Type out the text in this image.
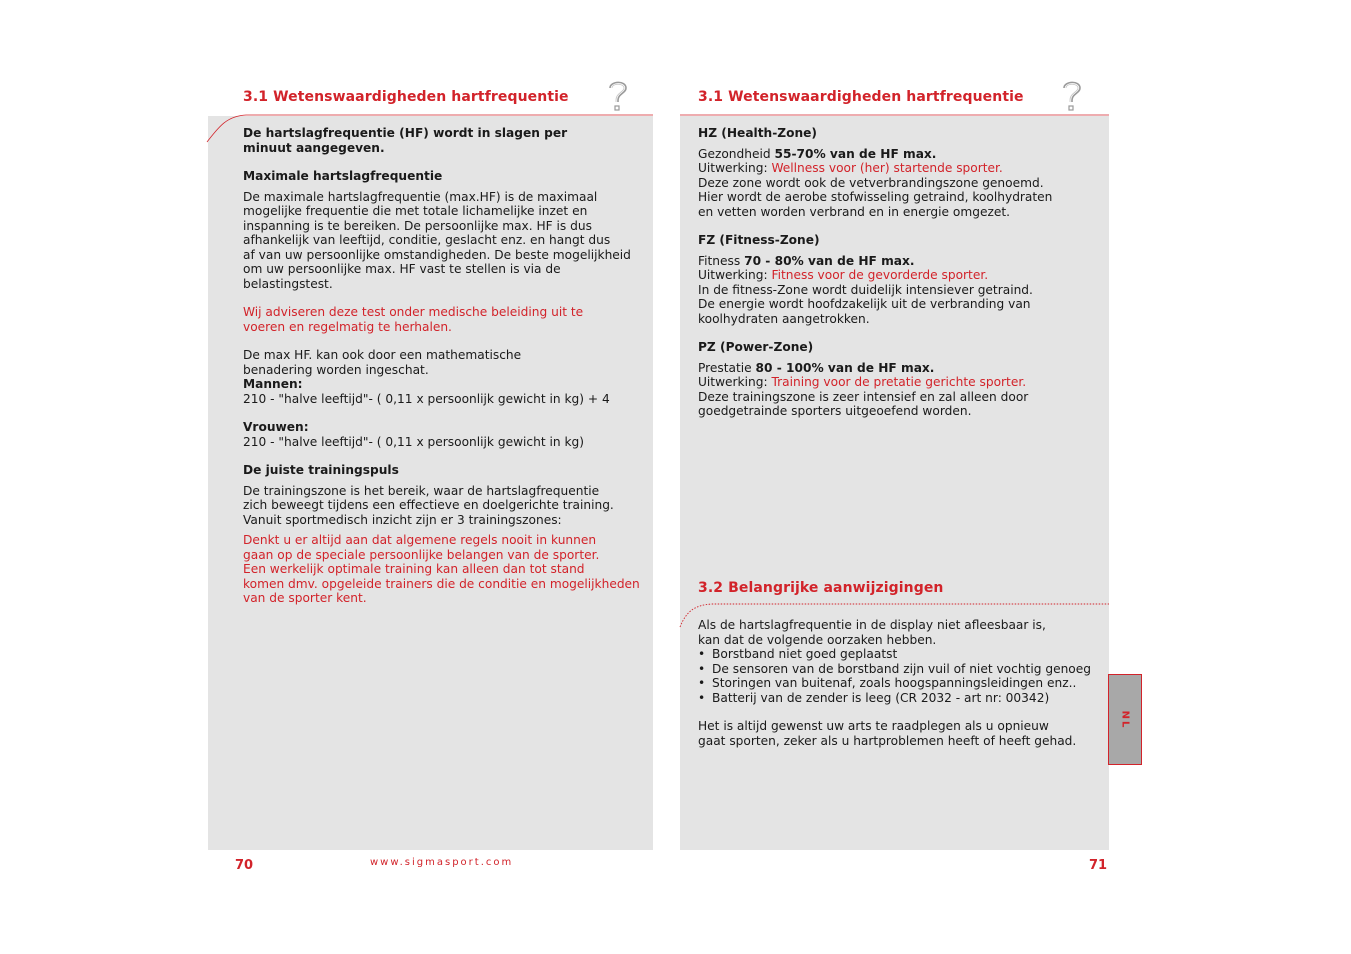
3.1 Wetenswaardigheden hartfrequentie

De hartslagfrequentie (HF) wordt in slagen per

minuut aangegeven.

Maximale hartslagfrequentie

De maximale hartslagfrequentie (max.HF) is de maximaal

mogelijke frequentie die met totale lichamelijke inzet en

inspanning is te bereiken. De persoonlijke max. HF is dus

afhankelijk van leeftijd, conditie, geslacht enz. en hangt dus

af van uw persoonlijke omstandigheden. De beste mogelijkheid

om uw persoonlijke max. HF vast te stellen is via de

belastingstest.

Wij adviseren deze test onder medische beleiding uit te

voeren en regelmatig te herhalen.

De max HF. kan ook door een mathematische

benadering worden ingeschat.

Mannen:

210 - "halve leeftijd"- ( 0,11 x persoonlijk gewicht in kg) + 4

Vrouwen:

210 - "halve leeftijd"- ( 0,11 x persoonlijk gewicht in kg)

De juiste trainingspuls

De trainingszone is het bereik, waar de hartslagfrequentie

zich beweegt tijdens een effectieve en doelgerichte training.

Vanuit sportmedisch inzicht zijn er 3 trainingszones:

Denkt u er altijd aan dat algemene regels nooit in kunnen

gaan op de speciale persoonlijke belangen van de sporter.

Een werkelijk optimale training kan alleen dan tot stand

komen dmv. opgeleide trainers die de conditie en mogelijkheden

van de sporter kent.

70	www.sigmasport.com
3.1 Wetenswaardigheden hartfrequentie

HZ (Health-Zone)

Gezondheid 55-70% van de HF max.

Uitwerking: Wellness voor (her) startende sporter.

Deze zone wordt ook de vetverbrandingszone genoemd.

Hier wordt de aerobe stofwisseling getraind, koolhydraten

en vetten worden verbrand en in energie omgezet.

FZ (Fitness-Zone)

Fitness 70 - 80% van de HF max.

Uitwerking: Fitness voor de gevorderde sporter.

In de fitness-Zone wordt duidelijk intensiever getraind.

De energie wordt hoofdzakelijk uit de verbranding van

koolhydraten aangetrokken.

PZ (Power-Zone)

Prestatie 80 - 100% van de HF max.

Uitwerking: Training voor de pretatie gerichte sporter.

Deze trainingszone is zeer intensief en zal alleen door

goedgetrainde sporters uitgeoefend worden.

3.2 Belangrijke aanwijzigingen

Als de hartslagfrequentie in de display niet afleesbaar is,

kan dat de volgende oorzaken hebben.

• Borstband niet goed geplaatst
• De sensoren van de borstband zijn vuil of niet vochtig genoeg
• Storingen van buitenaf, zoals hoogspanningsleidingen enz..
• Batterij van de zender is leeg (CR 2032 - art nr: 00342)

Het is altijd gewenst uw arts te raadplegen als u opnieuw

gaat sporten, zeker als u hartproblemen heeft of heeft gehad.

NL
71
